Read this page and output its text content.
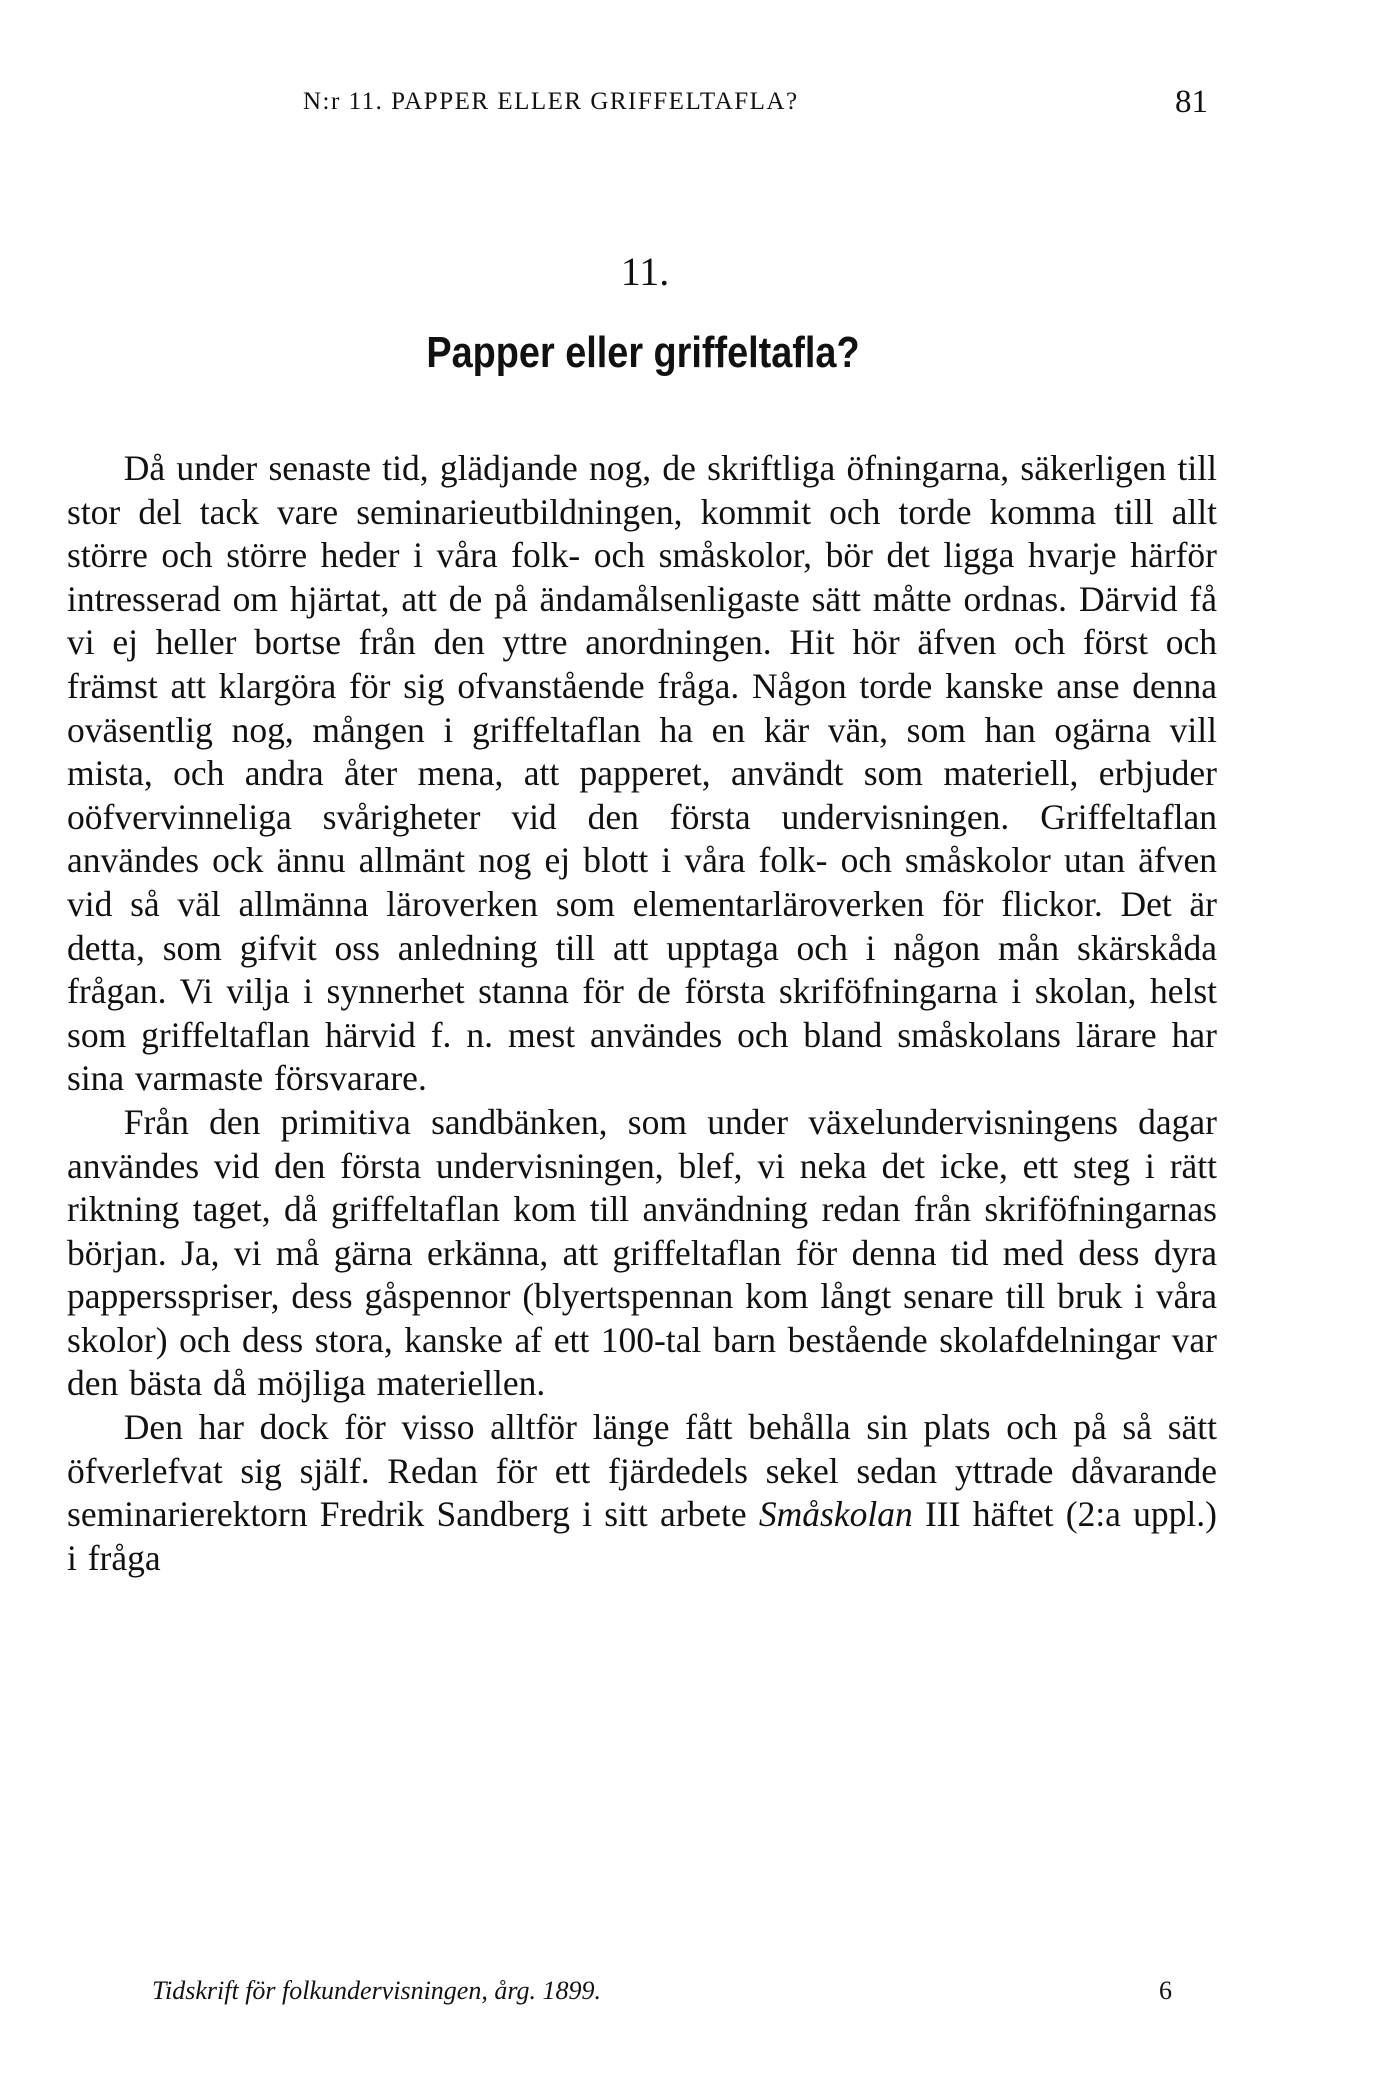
N:r 11. PAPPER ELLER GRIFFELTAFLA?	81
11.
Papper eller griffeltafla?

Då under senaste tid, glädjande nog, de skriftliga öfningarna, säkerligen till stor del tack vare seminarieutbildningen, kommit och torde komma till allt större och större heder i våra folk- och småskolor, bör det ligga hvarje härför intresserad om hjärtat, att de på ändamålsenligaste sätt måtte ordnas. Därvid få vi ej heller bortse från den yttre anordningen. Hit hör äfven och först och främst att klargöra för sig ofvanstående fråga. Någon torde kanske anse denna oväsentlig nog, mången i griffeltaflan ha en kär vän, som han ogärna vill mista, och andra åter mena, att papperet, användt som materiell, erbjuder oöfvervinneliga svårigheter vid den första undervisningen. Griffeltaflan användes ock ännu allmänt nog ej blott i våra folk- och småskolor utan äfven vid så väl allmänna läroverken som elementarläroverken för flickor. Det är detta, som gifvit oss anledning till att upptaga och i någon mån skärskåda frågan. Vi vilja i synnerhet stanna för de första skriföfningarna i skolan, helst som griffeltaflan härvid f. n. mest användes och bland småskolans lärare har sina varmaste försvarare.

Från den primitiva sandbänken, som under växelundervisningens dagar användes vid den första undervisningen, blef, vi neka det icke, ett steg i rätt riktning taget, då griffeltaflan kom till användning redan från skriföfningarnas början. Ja, vi må gärna erkänna, att griffeltaflan för denna tid med dess dyra pappersspriser, dess gåspennor (blyertspennan kom långt senare till bruk i våra skolor) och dess stora, kanske af ett 100-tal barn bestående skolafdelningar var den bästa då möjliga materiellen.

Den har dock för visso alltför länge fått behålla sin plats och på så sätt öfverlefvat sig själf. Redan för ett fjärdedels sekel sedan yttrade dåvarande seminarierektorn Fredrik Sandberg i sitt arbete Småskolan III häftet (2:a uppl.) i fråga

Tidskrift för folkundervisningen, årg. 1899.	6
